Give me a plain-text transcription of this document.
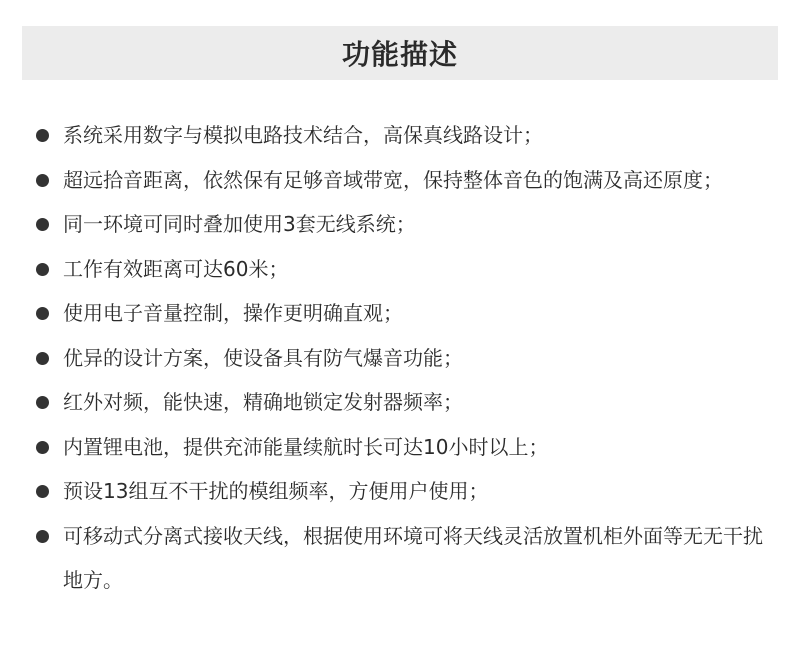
功能描述
系统采用数字与模拟电路技术结合，高保真线路设计；
超远拾音距离，依然保有足够音域带宽，保持整体音色的饱满及高还原度；
同一环境可同时叠加使用3套无线系统；
工作有效距离可达60米；
使用电子音量控制，操作更明确直观；
优异的设计方案，使设备具有防气爆音功能；
红外对频，能快速，精确地锁定发射器频率；
内置锂电池，提供充沛能量续航时长可达10小时以上；
预设13组互不干扰的模组频率，方便用户使用；
可移动式分离式接收天线，根据使用环境可将天线灵活放置机柜外面等无无干扰地方。
